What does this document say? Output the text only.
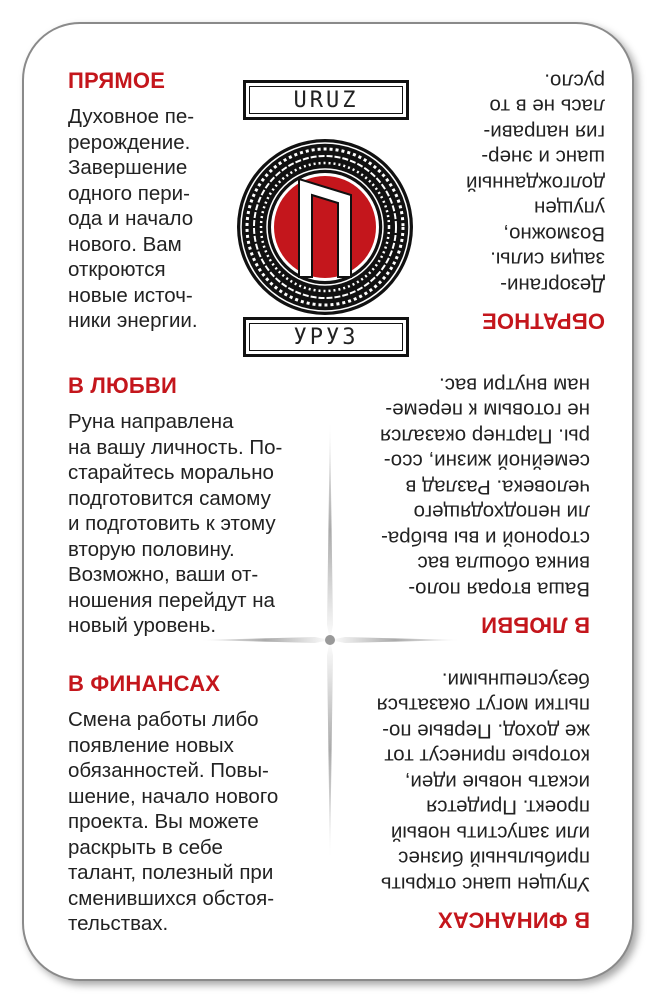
ПРЯМОЕ
Духовное пе-
рерождение.
Завершение
одного пери-
ода и начало
нового. Вам
откроются
новые источ-
ники энергии.
URUZ
УРУЗ
ОБРАТНОЕ
Дезоргани-
зация силы.
Возможно,
упущен
долгожданный
шанс и энер-
гия направи-
лась не в то
русло.
В ЛЮБВИ
Руна направлена
на вашу личность. По-
старайтесь морально
подготовится самому
и подготовить к этому
вторую половину.
Возможно, ваши от-
ношения перейдут на
новый уровень.	В ЛЮБВИ
Ваша вторая поло-
винка обошла вас
стороной и вы выбра-
ли неподходящего
человека. Разлад в
семейной жизни, ссо-
ры. Партнер оказался
не готовым к переме-
нам внутри вас.
В ФИНАНСАХ
Смена работы либо
появление новых
обязанностей. Повы-
шение, начало нового
проекта. Вы можете
раскрыть в себе
талант, полезный при
сменившихся обстоя-
тельствах.	В ФИНАНСАХ
Упущен шанс открыть
прибыльный бизнес
или запустить новый
проект. Придется
искать новые идеи,
которые принесут тот
же доход. Первые по-
пытки могут оказаться
безуспешными.
